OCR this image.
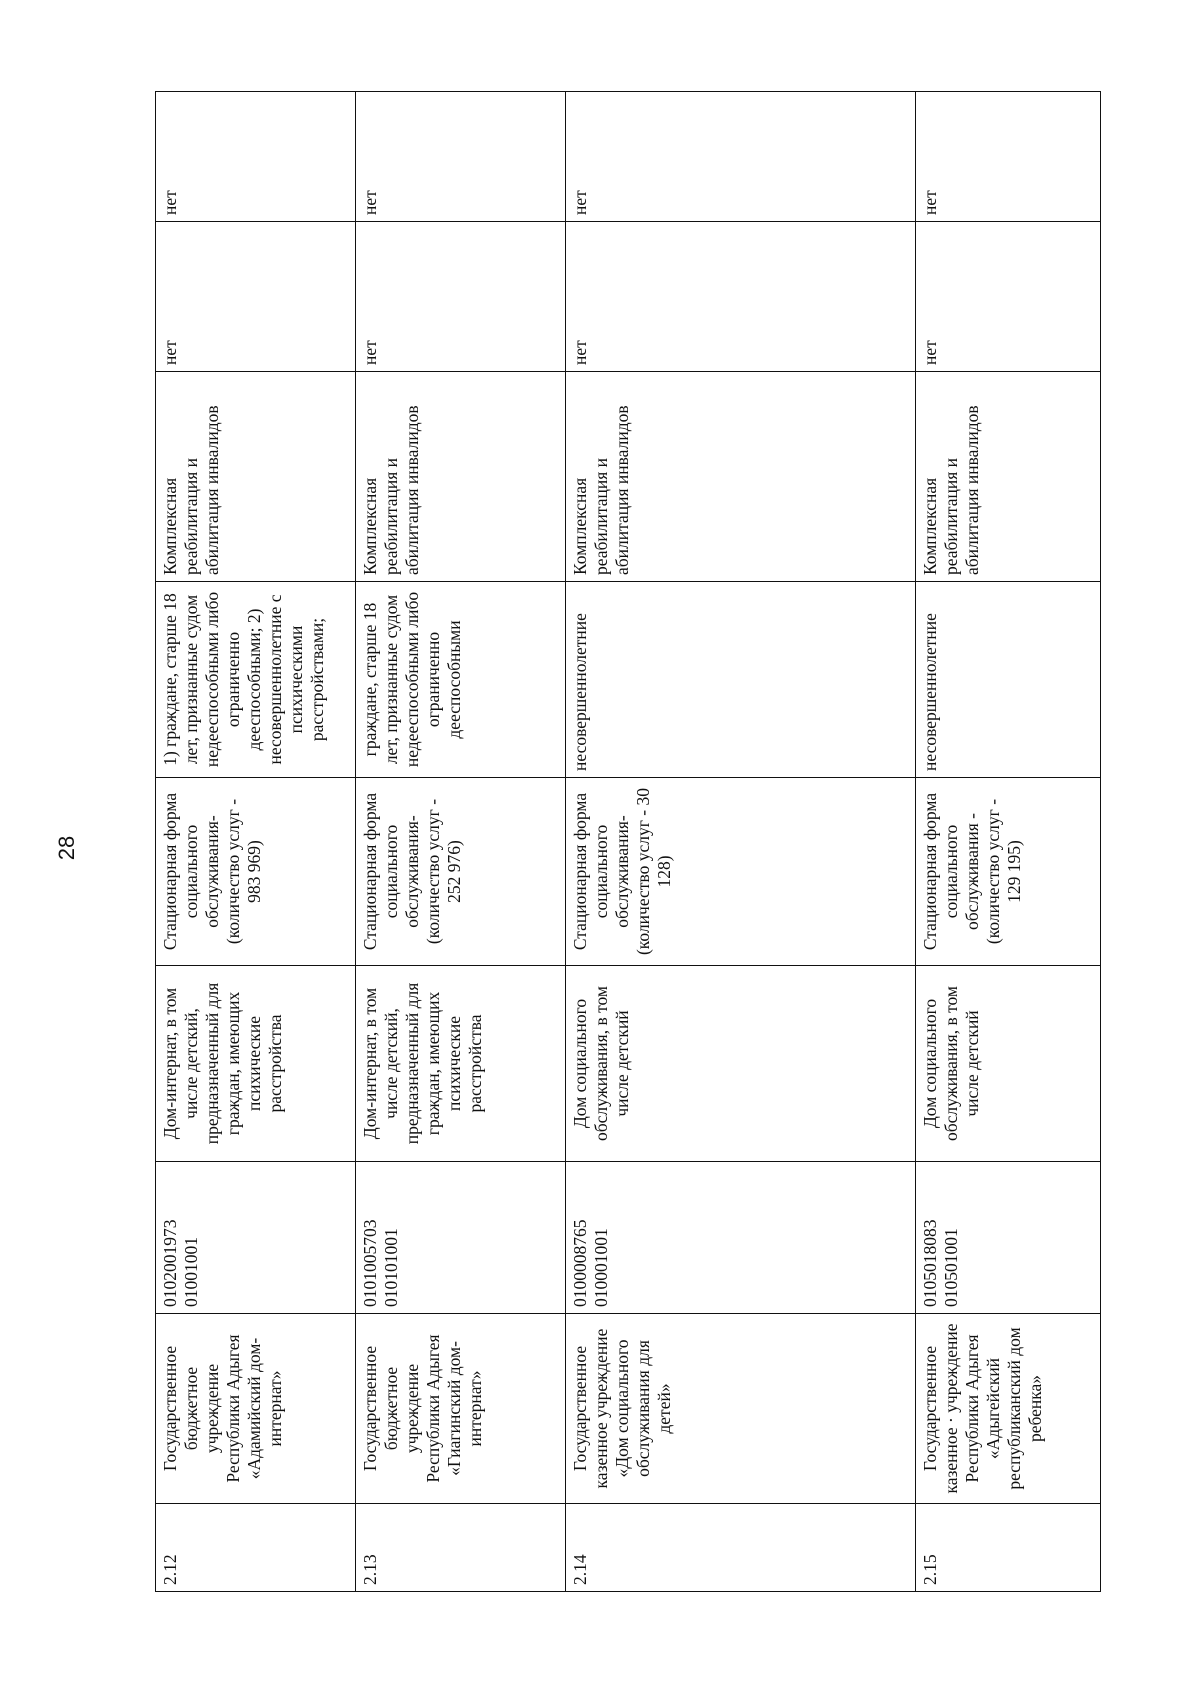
28
2.12	Государственное бюджетное учреждение Республики Адыгея «Адамийский дом-интернат»	0102001973 01001001	Дом-интернат, в том числе детский, предназначенный для граждан, имеющих психические расстройства	Стационарная форма социального обслуживания- (количество услуг - 983 969)	1) граждане, старше 18 лет, признанные судом недееспособными либо ограниченно дееспособными; 2) несовершеннолетние с психическими расстройствами;	Комплексная реабилитация и абилитация инвалидов	нет	нет
2.13	Государственное бюджетное учреждение Республики Адыгея «Гиагинский дом-интернат»	0101005703 010101001	Дом-интернат, в том числе детский, предназначенный для граждан, имеющих психические расстройства	Стационарная форма социального обслуживания- (количество услуг - 252 976)	граждане, старше 18 лет, признанные судом недееспособными либо ограниченно дееспособными	Комплексная реабилитация и абилитация инвалидов	нет	нет
2.14	Государственное казенное учреждение «Дом социального обслуживания для детей»	0100008765 010001001	Дом социального обслуживания, в том числе детский	Стационарная форма социального обслуживания- (количество услуг - 30 128)	несовершеннолетние	Комплексная реабилитация и абилитация инвалидов	нет	нет
2.15	Государственное казенное · учреждение Республики Адыгея «Адыгейский республиканский дом ребенка»	0105018083 010501001	Дом социального обслуживания, в том числе детский	Стационарная форма социального обслуживания - (количество услуг - 129 195)	несовершеннолетние	Комплексная реабилитация и абилитация инвалидов	нет	нет
